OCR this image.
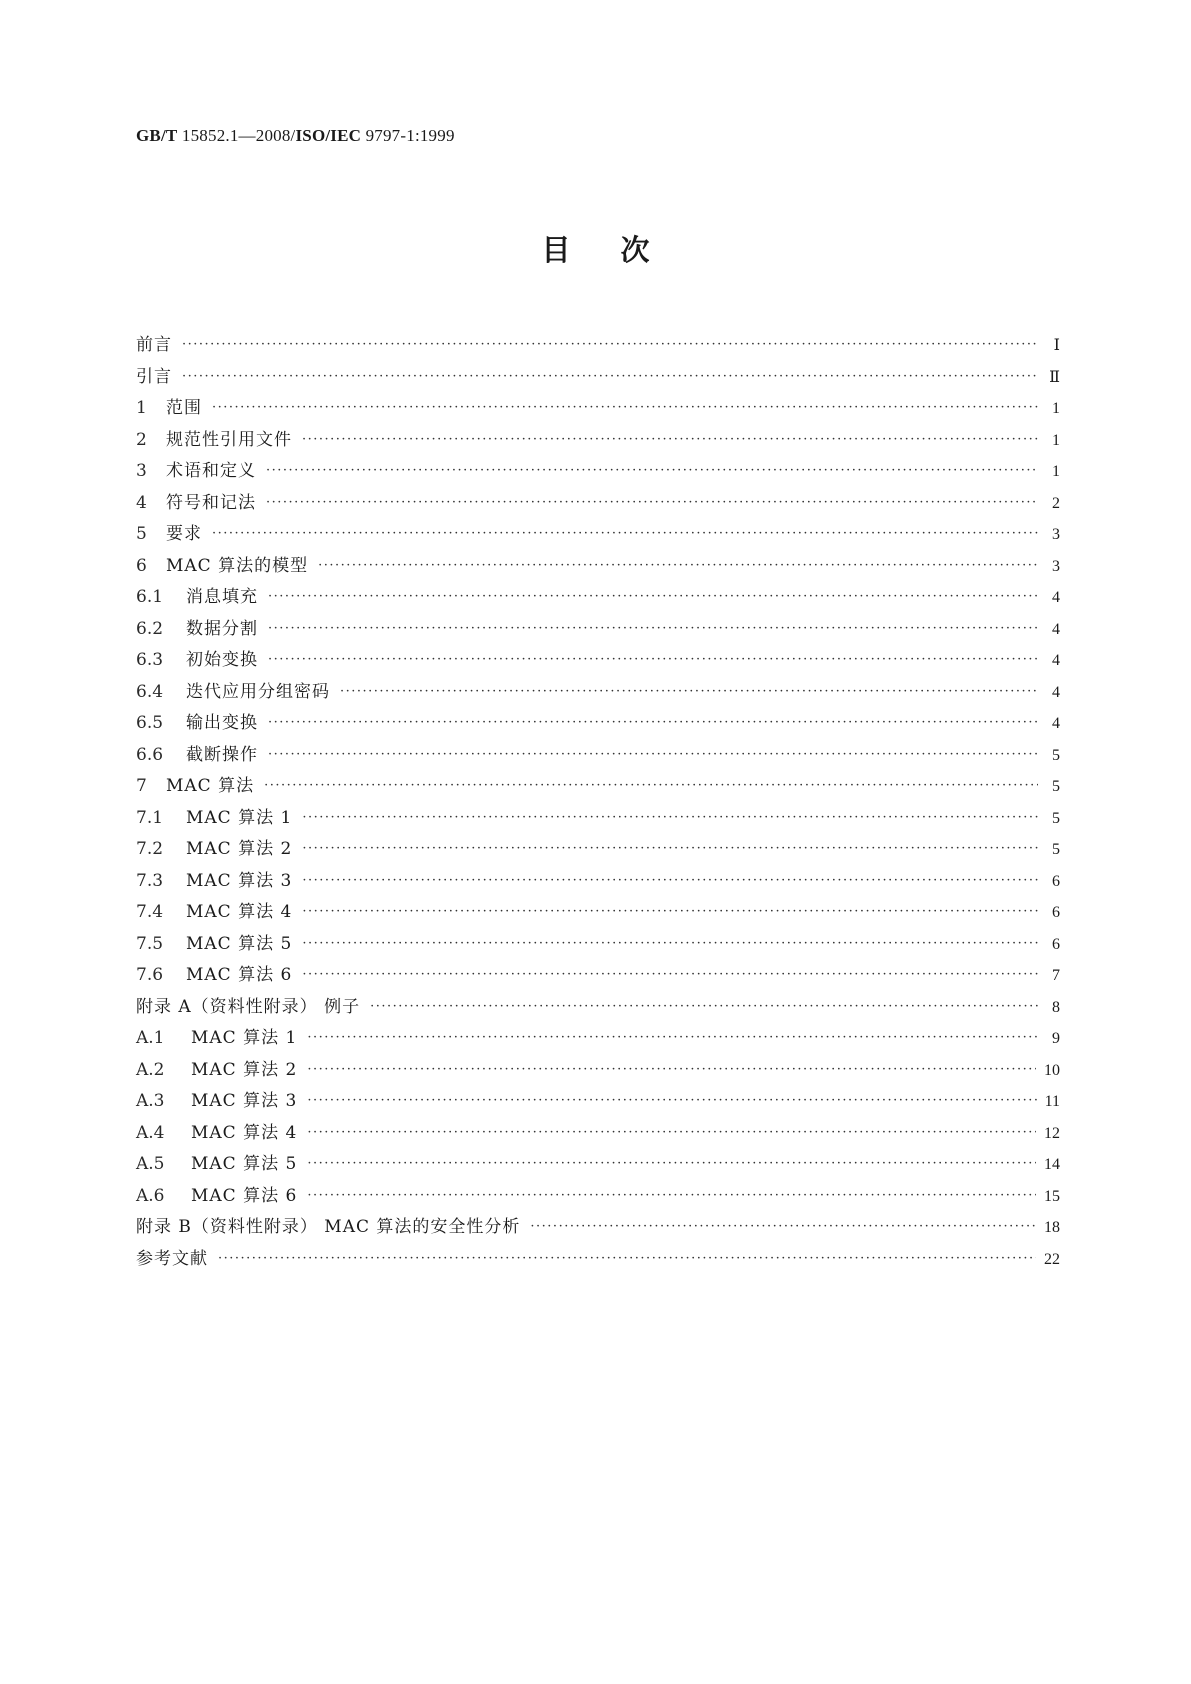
GB/T 15852.1—2008/ISO/IEC 9797-1:1999
目次
前言 ·····	Ⅰ
引言 ·····	Ⅱ
1	范围 ·····	1
2	规范性引用文件 ·····	1
3	术语和定义 ·····	1
4	符号和记法 ·····	2
5	要求 ·····	3
6	MAC 算法的模型 ·····	3
6.1	消息填充 ·····	4
6.2	数据分割 ·····	4
6.3	初始变换 ·····	4
6.4	迭代应用分组密码 ·····	4
6.5	输出变换 ·····	4
6.6	截断操作 ·····	5
7	MAC 算法 ·····	5
7.1	MAC 算法 1 ·····	5
7.2	MAC 算法 2 ·····	5
7.3	MAC 算法 3 ·····	6
7.4	MAC 算法 4 ·····	6
7.5	MAC 算法 5 ·····	6
7.6	MAC 算法 6 ·····	7
附录 A（资料性附录） 例子 ·····	8
A.1	MAC 算法 1 ·····	9
A.2	MAC 算法 2 ·····	10
A.3	MAC 算法 3 ·····	11
A.4	MAC 算法 4 ·····	12
A.5	MAC 算法 5 ·····	14
A.6	MAC 算法 6 ·····	15
附录 B（资料性附录） MAC 算法的安全性分析 ·····	18
参考文献 ·····	22
